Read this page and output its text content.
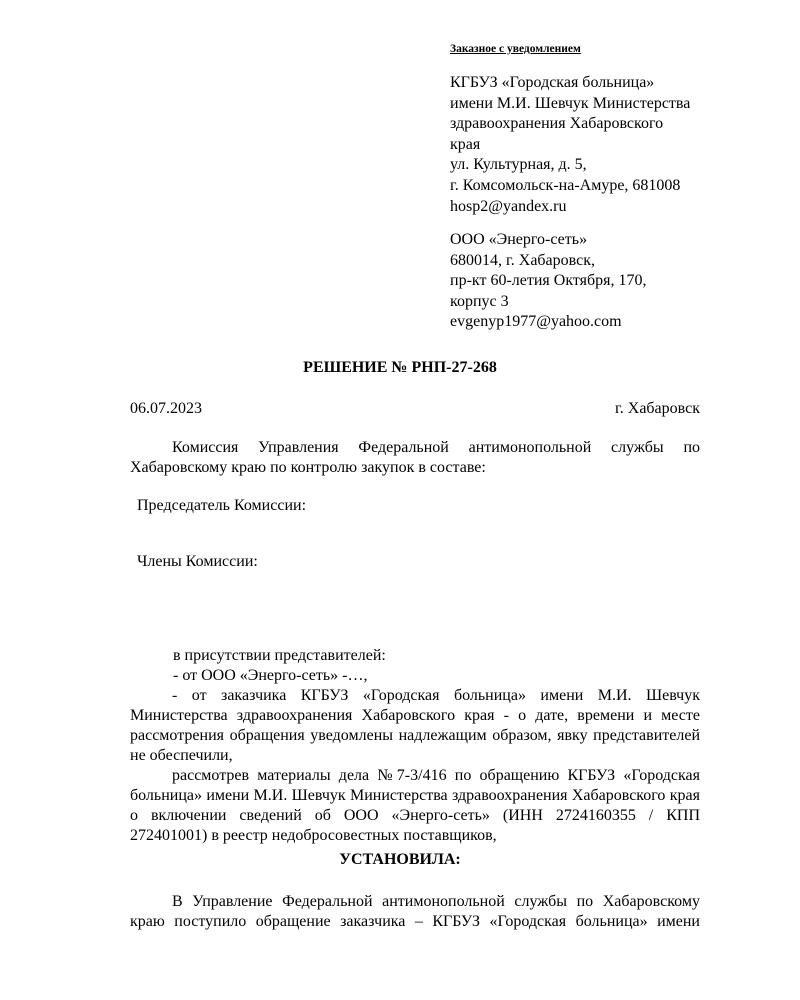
Заказное с уведомлением
КГБУЗ «Городская больница»
имени М.И. Шевчук Министерства
здравоохранения Хабаровского
края
ул. Культурная, д. 5,
г. Комсомольск-на-Амуре, 681008
hosp2@yandex.ru
ООО «Энерго-сеть»
680014, г. Хабаровск,
пр-кт 60-летия Октября, 170,
корпус 3
evgenyp1977@yahoo.com
РЕШЕНИЕ № РНП-27-268
06.07.2023	г. Хабаровск

Комиссия Управления Федеральной антимонопольной службы по Хабаровскому краю по контролю закупок в составе:

Председатель Комиссии:

Члены Комиссии:

в присутствии представителей:

- от ООО «Энерго-сеть» -…,

- от заказчика КГБУЗ «Городская больница» имени М.И. Шевчук Министерства здравоохранения Хабаровского края - о дате, времени и месте рассмотрения обращения уведомлены надлежащим образом, явку представителей не обеспечили,

рассмотрев материалы дела №7-3/416 по обращению КГБУЗ «Городская больница» имени М.И. Шевчук Министерства здравоохранения Хабаровского края о включении сведений об ООО «Энерго-сеть» (ИНН 2724160355 / КПП 272401001) в реестр недобросовестных поставщиков,

УСТАНОВИЛА:

В Управление Федеральной антимонопольной службы по Хабаровскому краю поступило обращение заказчика – КГБУЗ «Городская больница» имени
